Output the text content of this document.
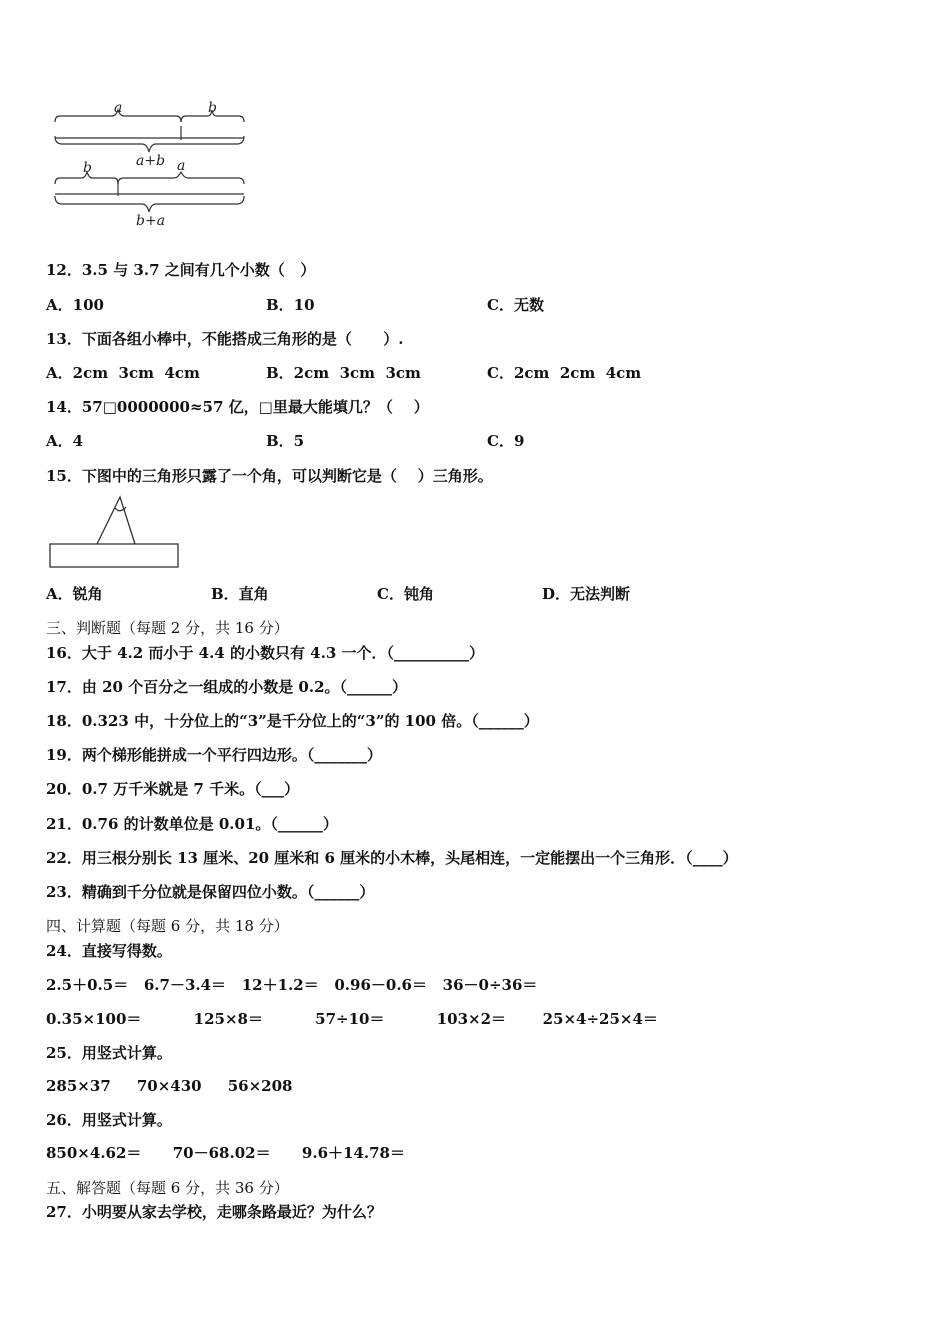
a	b
a+b
b	a
b+a
12．3.5 与 3.7 之间有几个小数（   ）
A．100	B．10	C．无数
13．下面各组小棒中，不能搭成三角形的是（      ）.
A．2cm  3cm  4cm	B．2cm  3cm  3cm	C．2cm  2cm  4cm
14．57□0000000≈57 亿，□里最大能填几？（    ）
A．4	B．5	C．9
15．下图中的三角形只露了一个角，可以判断它是（    ）三角形。
A．锐角	B．直角	C．钝角	D．无法判断
三、判断题（每题 2 分，共 16 分）
16．大于 4.2 而小于 4.4 的小数只有 4.3 一个．（__________）
17．由 20 个百分之一组成的小数是 0.2。（______）
18．0.323 中，十分位上的“3”是千分位上的“3”的 100 倍。（______）
19．两个梯形能拼成一个平行四边形。（_______）
20．0.7 万千米就是 7 千米。（___）
21．0.76 的计数单位是 0.01。（______）
22．用三根分别长 13 厘米、20 厘米和 6 厘米的小木棒，头尾相连，一定能摆出一个三角形．（____）
23．精确到千分位就是保留四位小数。（______）
四、计算题（每题 6 分，共 18 分）
24．直接写得数。
2.5＋0.5＝   6.7－3.4＝   12＋1.2＝   0.96－0.6＝   36－0÷36＝
0.35×100＝          125×8＝          57÷10＝          103×2＝       25×4÷25×4＝
25．用竖式计算。
285×37     70×430     56×208
26．用竖式计算。
850×4.62＝      70－68.02＝      9.6＋14.78＝
五、解答题（每题 6 分，共 36 分）
27．小明要从家去学校，走哪条路最近？为什么？
